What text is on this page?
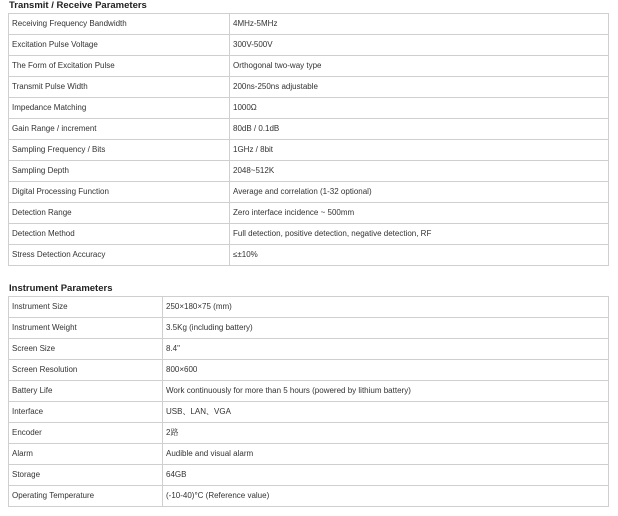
Transmit / Receive Parameters
Receiving Frequency Bandwidth	4MHz-5MHz
Excitation Pulse Voltage	300V-500V
The Form of Excitation Pulse	Orthogonal two-way type
Transmit Pulse Width	200ns-250ns adjustable
Impedance Matching	1000Ω
Gain Range / increment	80dB / 0.1dB
Sampling Frequency / Bits	1GHz / 8bit
Sampling Depth	2048~512K
Digital Processing Function	Average and correlation (1-32 optional)
Detection Range	Zero interface incidence ~ 500mm
Detection Method	Full detection, positive detection, negative detection, RF
Stress Detection Accuracy	≤±10%
Instrument Parameters
Instrument Size	250×180×75 (mm)
Instrument Weight	3.5Kg (including battery)
Screen Size	8.4"
Screen Resolution	800×600
Battery Life	Work continuously for more than 5 hours (powered by lithium battery)
Interface	USB、LAN、VGA
Encoder	2路
Alarm	Audible and visual alarm
Storage	64GB
Operating Temperature	(-10-40)°C (Reference value)
